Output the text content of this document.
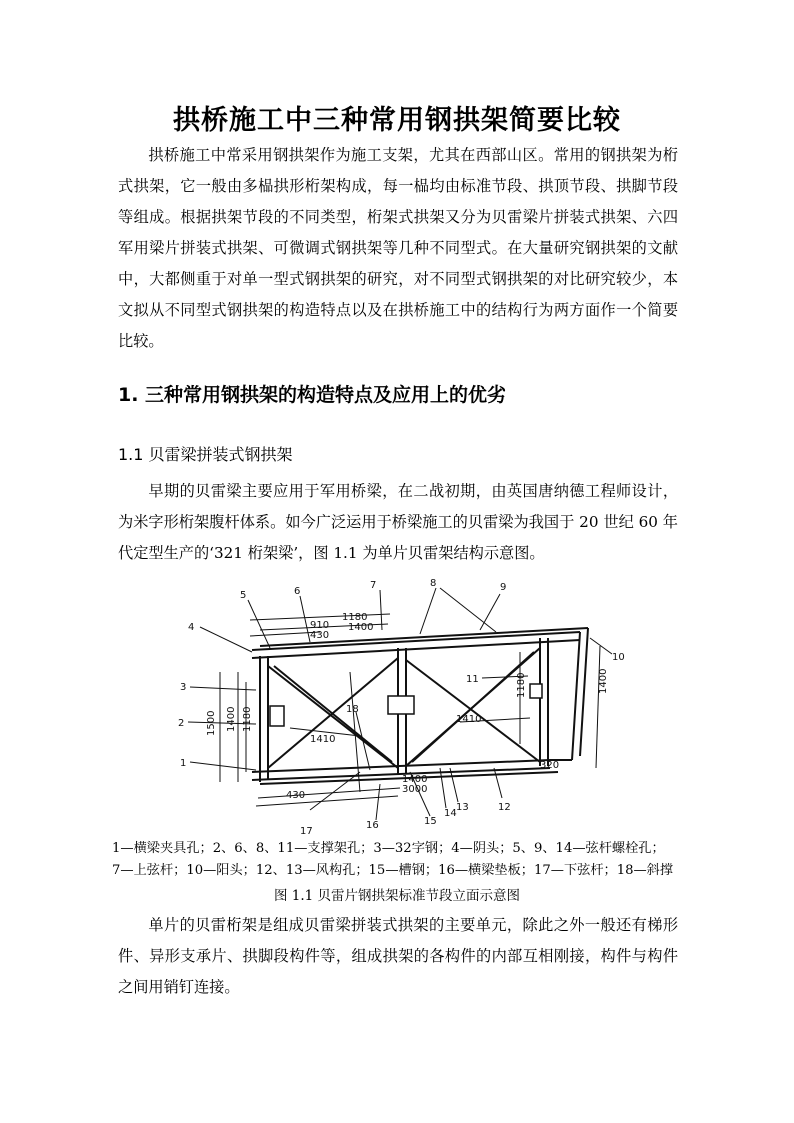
拱桥施工中三种常用钢拱架简要比较

拱桥施工中常采用钢拱架作为施工支架，尤其在西部山区。常用的钢拱架为桁式拱架，它一般由多榀拱形桁架构成，每一榀均由标准节段、拱顶节段、拱脚节段等组成。根据拱架节段的不同类型，桁架式拱架又分为贝雷梁片拼装式拱架、六四军用梁片拼装式拱架、可微调式钢拱架等几种不同型式。在大量研究钢拱架的文献中，大都侧重于对单一型式钢拱架的研究，对不同型式钢拱架的对比研究较少，本文拟从不同型式钢拱架的构造特点以及在拱桥施工中的结构行为两方面作一个简要比较。

1. 三种常用钢拱架的构造特点及应用上的优劣
1.1 贝雷梁拼装式钢拱架

早期的贝雷梁主要应用于军用桥梁，在二战初期，由英国唐纳德工程师设计，为米字形桁架腹杆体系。如今广泛运用于桥梁施工的贝雷梁为我国于 20 世纪 60 年代定型生产的‘321 桁架梁’，图 1.1 为单片贝雷架结构示意图。

1180
910 1400
430
1500 1400 1180
1410
1410
1180	1400
320
1400
3000
430
1
2
3
4
5	6
7	8	9
10
11
12
13
14
15
16
17
18
1—横梁夹具孔；2、6、8、11—支撑架孔；3—32字钢；4—阴头；5、9、14—弦杆螺栓孔；
7—上弦杆；10—阳头；12、13—风构孔；15—槽钢；16—横梁垫板；17—下弦杆；18—斜撑
图 1.1 贝雷片钢拱架标准节段立面示意图

单片的贝雷桁架是组成贝雷梁拼装式拱架的主要单元，除此之外一般还有梯形件、异形支承片、拱脚段构件等，组成拱架的各构件的内部互相刚接，构件与构件之间用销钉连接。
